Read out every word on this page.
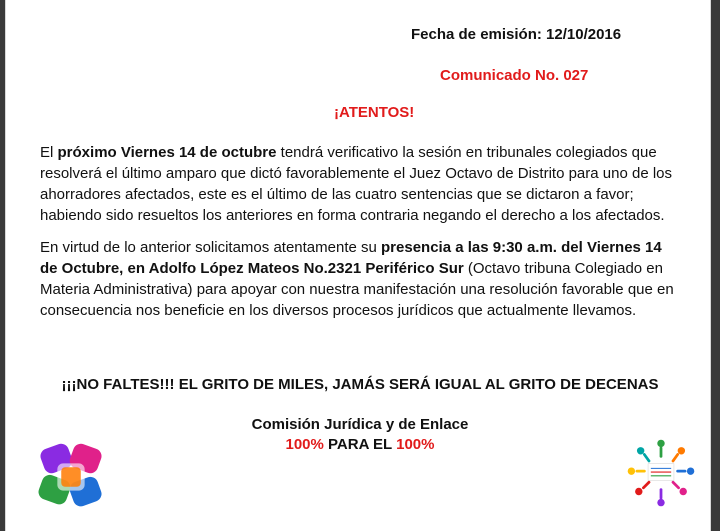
Fecha de emisión: 12/10/2016
Comunicado No. 027
¡ATENTOS!
El próximo Viernes 14 de octubre tendrá verificativo la sesión en tribunales colegiados que resolverá el último amparo que dictó favorablemente el Juez Octavo de Distrito para uno de los ahorradores afectados, este es el último de las cuatro sentencias que se dictaron a favor; habiendo sido resueltos los anteriores en forma contraria negando el derecho a los afectados.
En virtud de lo anterior solicitamos atentamente su presencia a las 9:30 a.m. del Viernes 14 de Octubre, en Adolfo López Mateos No.2321 Periférico Sur (Octavo tribuna Colegiado en Materia Administrativa) para apoyar con nuestra manifestación una resolución favorable que en consecuencia nos beneficie en los diversos procesos jurídicos que actualmente llevamos.
¡¡¡NO FALTES!!! EL GRITO DE MILES, JAMÁS SERÁ IGUAL AL GRITO DE DECENAS
Comisión Jurídica y de Enlace
100% PARA EL 100%
